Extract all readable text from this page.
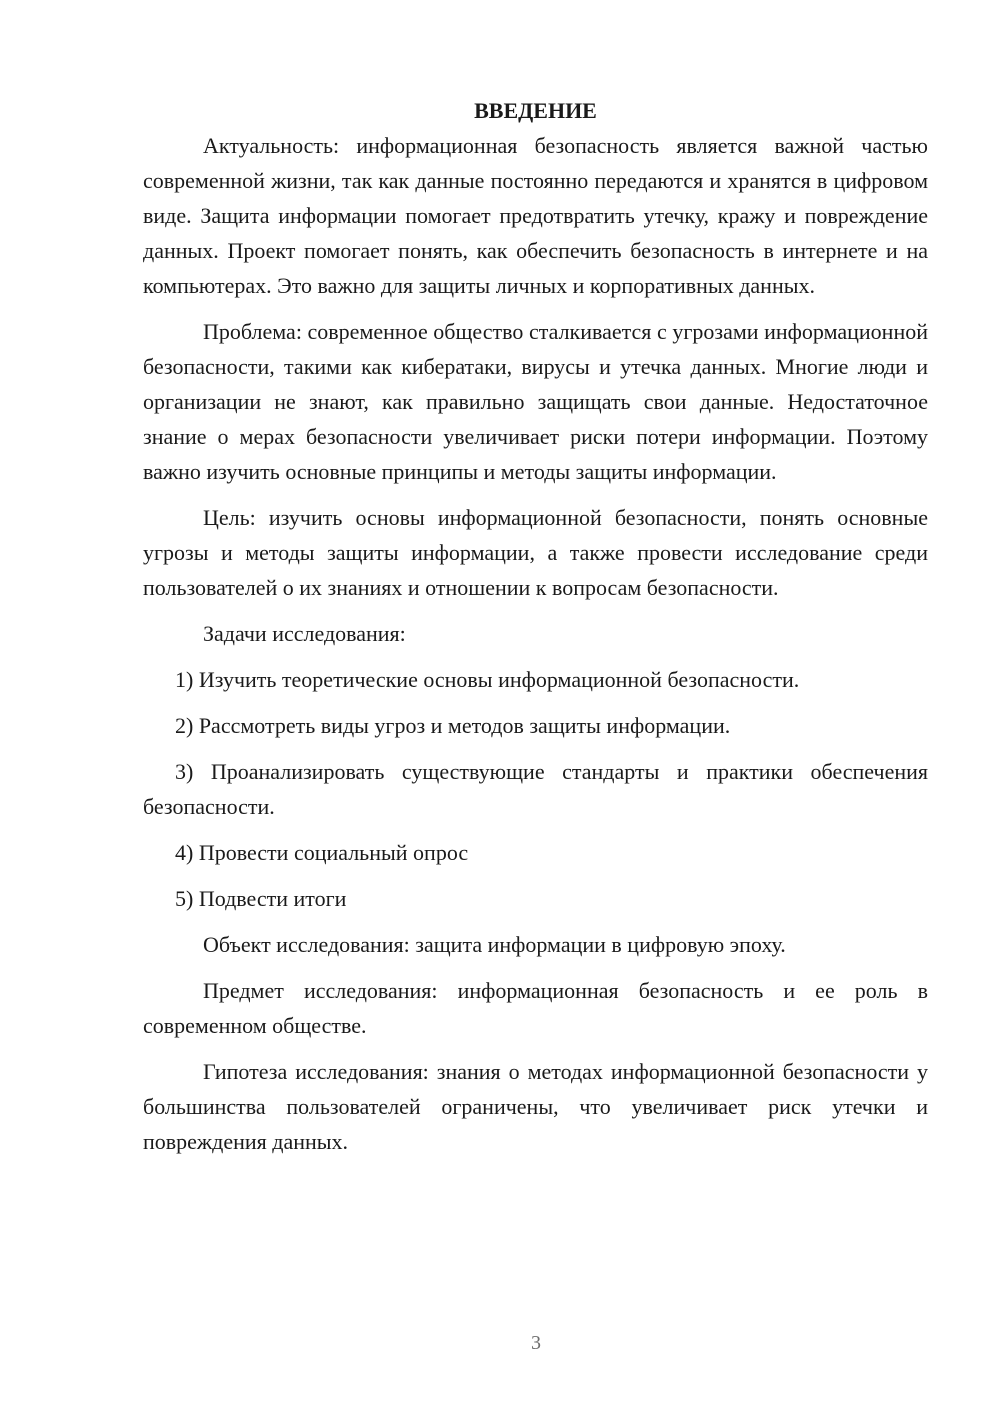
ВВЕДЕНИЕ

Актуальность: информационная безопасность является важной частью современной жизни, так как данные постоянно передаются и хранятся в цифровом виде. Защита информации помогает предотвратить утечку, кражу и повреждение данных. Проект помогает понять, как обеспечить безопасность в интернете и на компьютерах. Это важно для защиты личных и корпоративных данных.

Проблема: современное общество сталкивается с угрозами информационной безопасности, такими как кибератаки, вирусы и утечка данных. Многие люди и организации не знают, как правильно защищать свои данные. Недостаточное знание о мерах безопасности увеличивает риски потери информации. Поэтому важно изучить основные принципы и методы защиты информации.

Цель: изучить основы информационной безопасности, понять основные угрозы и методы защиты информации, а также провести исследование среди пользователей о их знаниях и отношении к вопросам безопасности.

Задачи исследования:

1) Изучить теоретические основы информационной безопасности.

2) Рассмотреть виды угроз и методов защиты информации.

3) Проанализировать существующие стандарты и практики обеспечения безопасности.

4) Провести социальный опрос

5) Подвести итоги

Объект исследования: защита информации в цифровую эпоху.

Предмет исследования: информационная безопасность и ее роль в современном обществе.

Гипотеза исследования: знания о методах информационной безопасности у большинства пользователей ограничены, что увеличивает риск утечки и повреждения данных.

3
